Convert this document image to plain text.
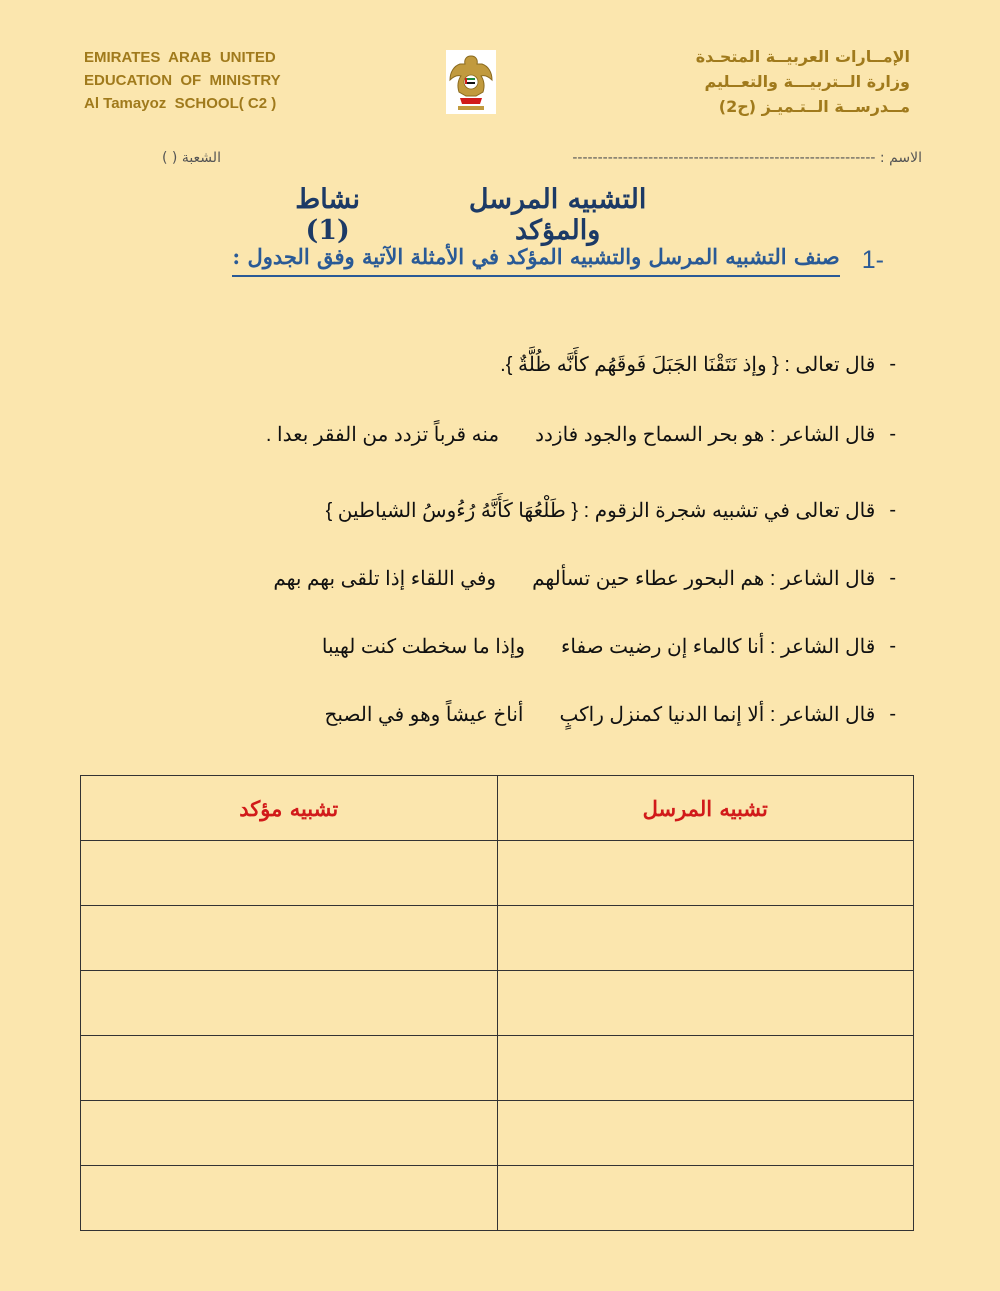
EMIRATES  ARAB  UNITED
EDUCATION  OF  MINISTRY
Al Tamayoz  SCHOOL( C2 )
الإمــارات العربيــة المتحـدة
وزارة الــتربيـــة والتعــليم
مــدرســة الــتـميـز (ح2)
الاسم : ------------------------------------------------------------
الشعبة ( )
التشبيه المرسل والمؤكد
نشاط (1)
-1
صنف التشبيه المرسل والتشبيه المؤكد في الأمثلة الآتية وفق الجدول :
-
قال تعالى : { وإذ نَتَقْنَا الجَبَلَ فَوقَهُم كأَنَّه ظُلَّةٌ }.
-
قال الشاعر : هو بحر السماح والجود فازدد
منه قرباً تزدد من الفقر بعدا .
-
قال تعالى في تشبيه شجرة الزقوم : { طَلْعُهَا كَأَنَّهُ رُءُوسُ الشياطين }
-
قال الشاعر : هم البحور عطاء حين تسألهم
وفي اللقاء إذا تلقى بهم بهم
-
قال الشاعر : أنا كالماء إن رضيت صفاء
وإذا ما سخطت كنت لهيبا
-
قال الشاعر : ألا إنما الدنيا كمنزل راكبٍ
أناخ عيشاً وهو في الصبح
تشبيه المرسل	تشبيه مؤكد
